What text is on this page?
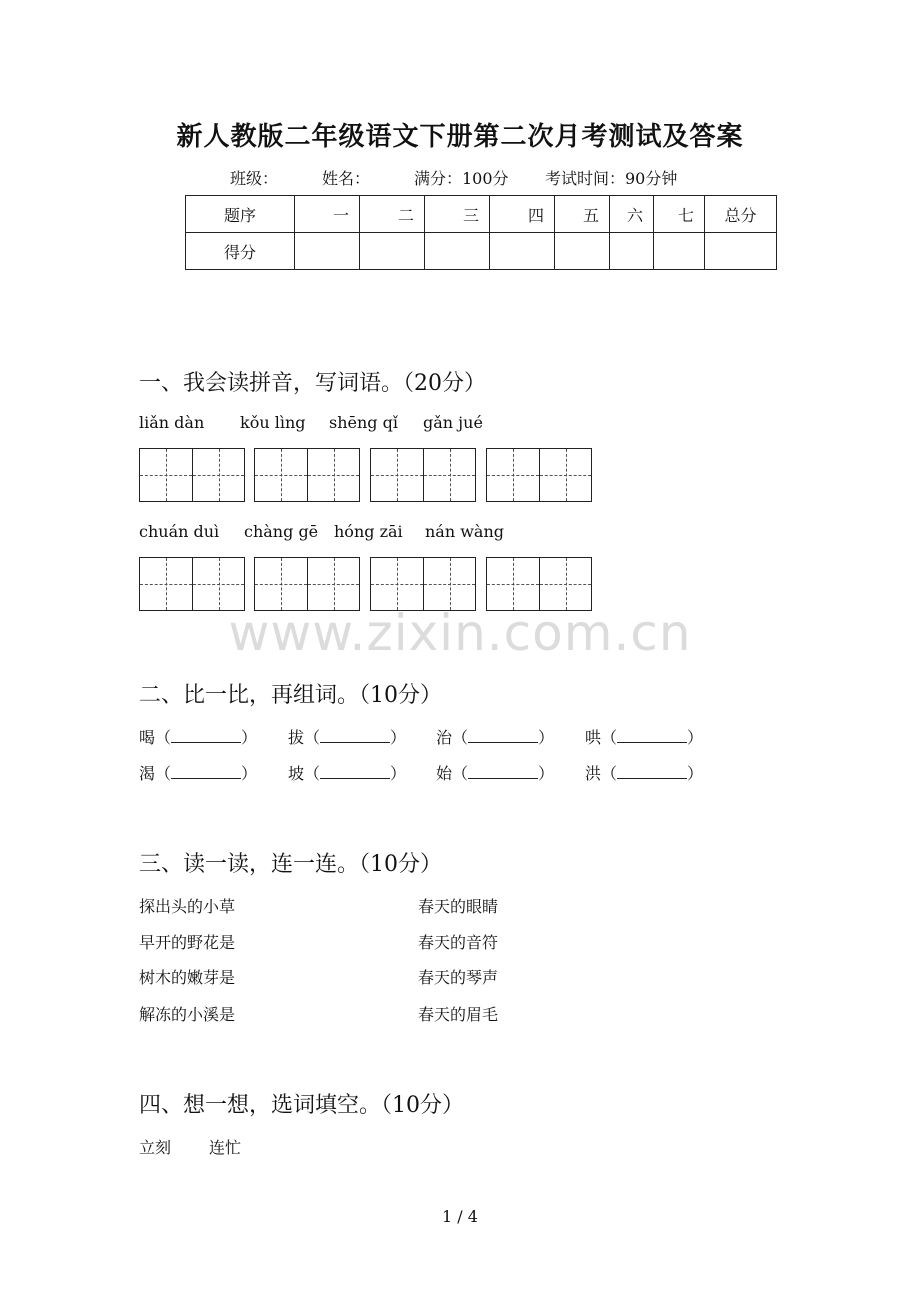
新人教版二年级语文下册第二次月考测试及答案
班级：	姓名：	满分：100分 考试时间：90分钟
题序	一	二	三	四	五	六	七	总分
得分								
一、我会读拼音，写词语。（20分）
liǎn dàn kǒu lìng shēng qǐ gǎn jué
chuán duì chàng gē hóng zāi nán wàng
www.zixin.com.cn
二、比一比，再组词。（10分）
喝（	） 拔（	） 治（	） 哄（	）
渴（	） 坡（	） 始（	） 洪（	）
三、读一读，连一连。（10分）
探出头的小草
早开的野花是
树木的嫩芽是
解冻的小溪是
春天的眼睛
春天的音符
春天的琴声
春天的眉毛
四、想一想，选词填空。（10分）
立刻 连忙
1 / 4
